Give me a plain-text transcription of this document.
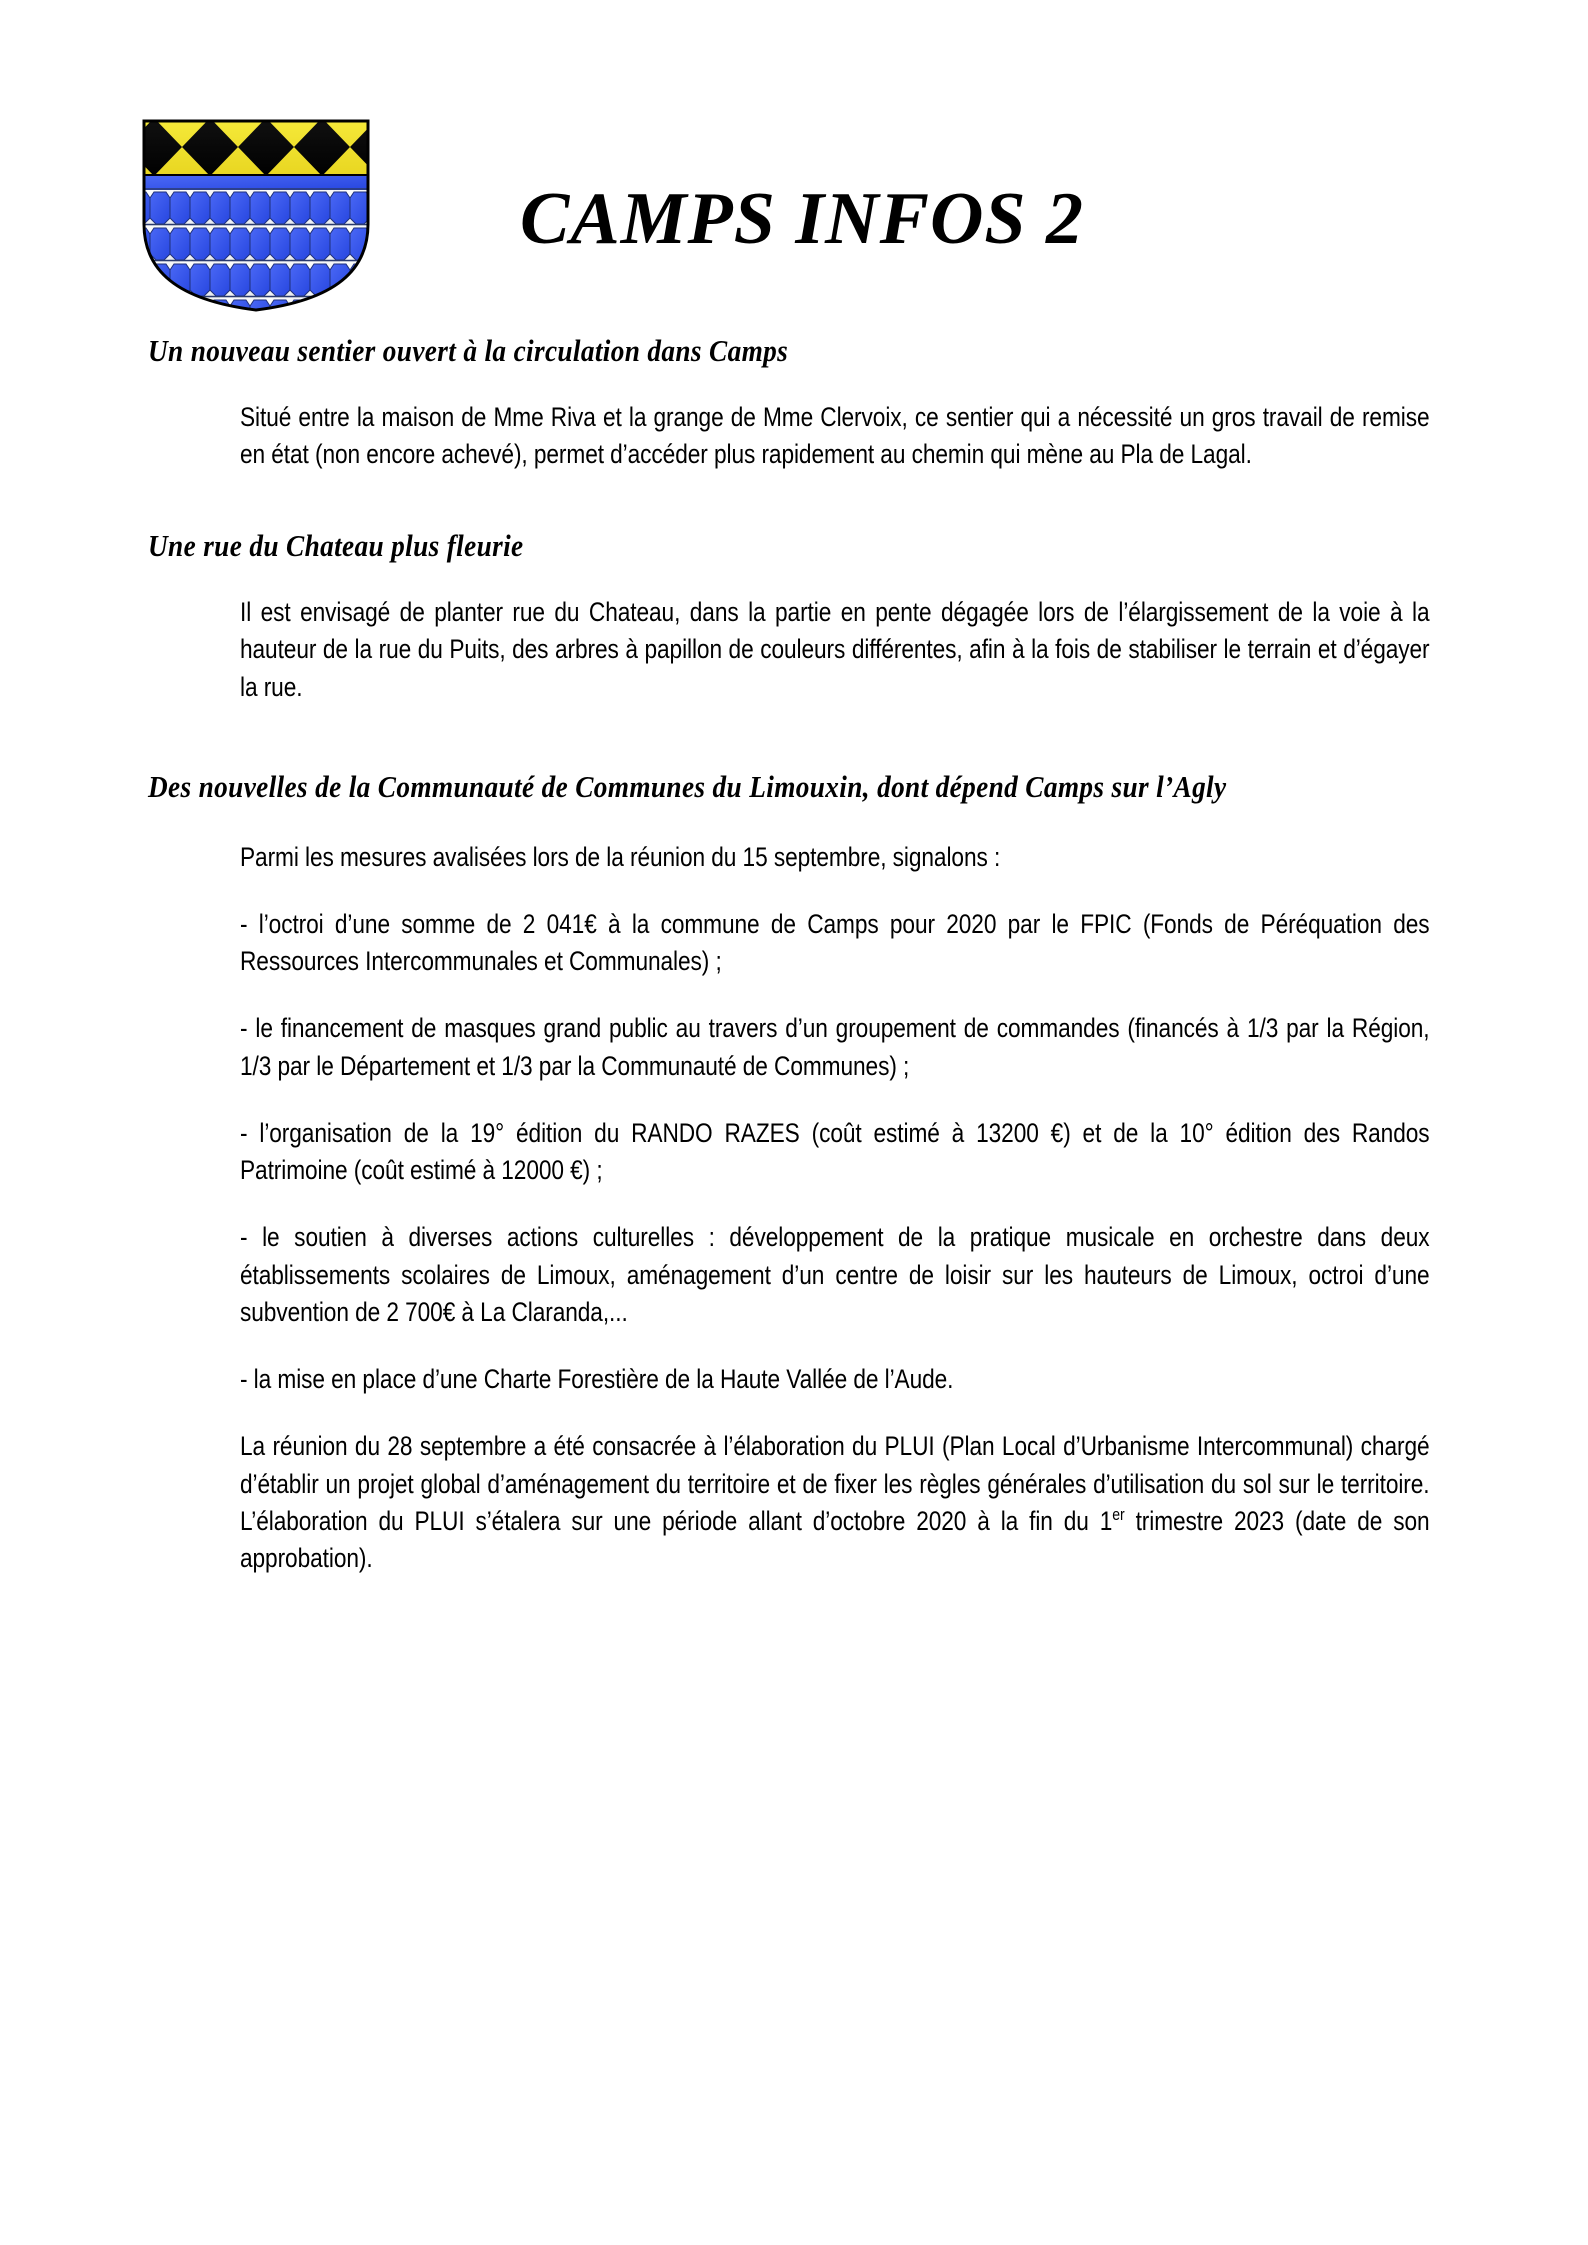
CAMPS INFOS 2
Un nouveau sentier ouvert à la circulation dans Camps

Situé entre la maison de Mme Riva et la grange de Mme Clervoix, ce sentier qui a nécessité un gros travail de remise en état (non encore achevé), permet d’accéder plus rapidement au chemin qui mène au Pla de Lagal.

Une rue du Chateau plus fleurie

Il est envisagé de planter rue du Chateau, dans la partie en pente dégagée lors de l’élargissement de la voie à la hauteur de la rue du Puits, des arbres à papillon de couleurs différentes, afin à la fois de stabiliser le terrain et d’égayer la rue.

Des nouvelles de la Communauté de Communes du Limouxin, dont dépend Camps sur l’Agly

Parmi les mesures avalisées lors de la réunion du 15 septembre, signalons :

- l’octroi d’une somme de 2 041€ à la commune de Camps pour 2020 par le FPIC (Fonds de Péréquation des Ressources Intercommunales et Communales) ;

- le financement de masques grand public au travers d’un groupement de commandes (financés à 1/3 par la Région, 1/3 par le Département et 1/3 par la Communauté de Communes) ;

- l’organisation de la 19° édition du RANDO RAZES (coût estimé à 13200 €) et de la 10° édition des Randos Patrimoine (coût estimé à 12000 €) ;

- le soutien à diverses actions culturelles : développement de la pratique musicale en orchestre dans deux établissements scolaires de Limoux, aménagement d’un centre de loisir sur les hauteurs de Limoux, octroi d’une subvention de 2 700€ à La Claranda,...

- la mise en place d’une Charte Forestière de la Haute Vallée de l’Aude.

La réunion du 28 septembre a été consacrée à l’élaboration du PLUI (Plan Local d’Urbanisme Intercommunal) chargé d’établir un projet global d’aménagement du territoire et de fixer les règles générales d’utilisation du sol sur le territoire. L’élaboration du PLUI s’étalera sur une période allant d’octobre 2020 à la fin du 1er trimestre 2023 (date de son approbation).
